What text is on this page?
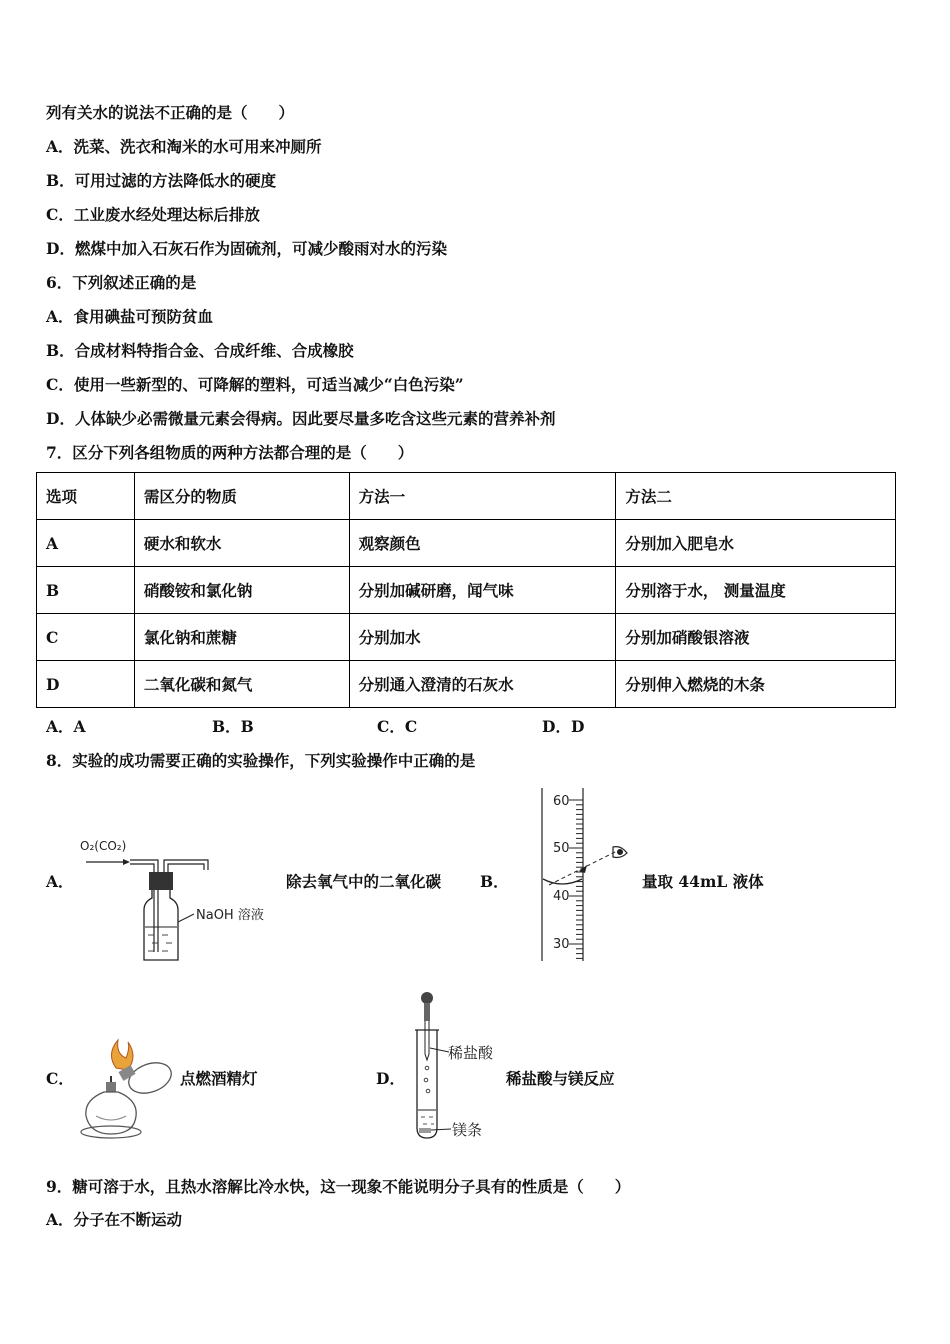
列有关水的说法不正确的是（　　）
A．洗菜、洗衣和淘米的水可用来冲厕所
B．可用过滤的方法降低水的硬度
C．工业废水经处理达标后排放
D．燃煤中加入石灰石作为固硫剂，可减少酸雨对水的污染
6．下列叙述正确的是
A．食用碘盐可预防贫血
B．合成材料特指合金、合成纤维、合成橡胶
C．使用一些新型的、可降解的塑料，可适当减少“白色污染”
D．人体缺少必需微量元素会得病。因此要尽量多吃含这些元素的营养补剂
7．区分下列各组物质的两种方法都合理的是（　　）
选项	需区分的物质	方法一	方法二
A	硬水和软水	观察颜色	分别加入肥皂水
B	硝酸铵和氯化钠	分别加碱研磨，闻气味	分别溶于水， 测量温度
C	氯化钠和蔗糖	分别加水	分别加硝酸银溶液
D	二氧化碳和氮气	分别通入澄清的石灰水	分别伸入燃烧的木条
A．A	B．B	C．C	D．D
8．实验的成功需要正确的实验操作，下列实验操作中正确的是
A．
O₂(CO₂)
NaOH 溶液
除去氧气中的二氧化碳	B．
60
50
40
30
量取 44mL 液体
C．	点燃酒精灯	D．
稀盐酸
镁条
稀盐酸与镁反应
9．糖可溶于水，且热水溶解比冷水快，这一现象不能说明分子具有的性质是（　　）
A．分子在不断运动
